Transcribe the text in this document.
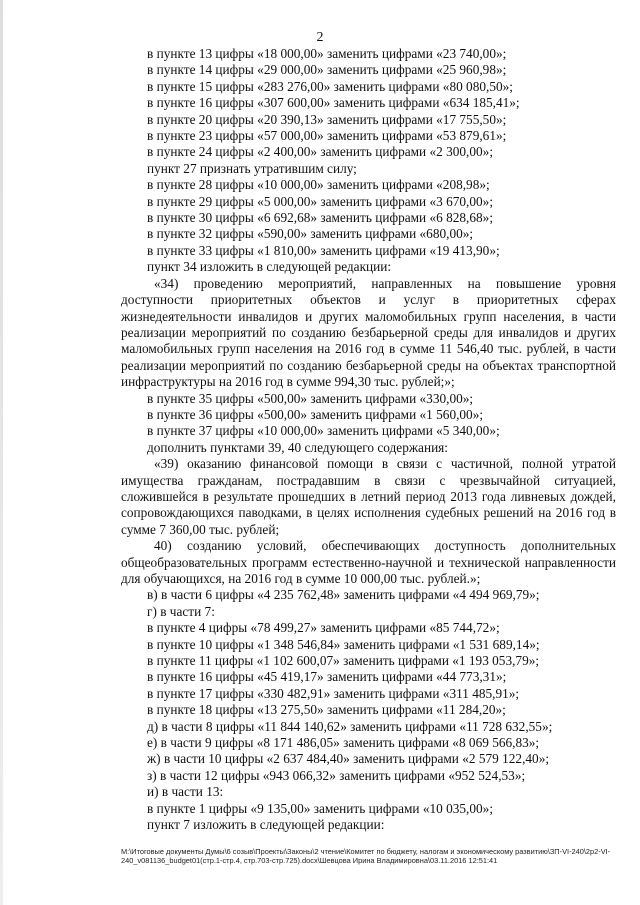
2

в пункте 13 цифры «18 000,00» заменить цифрами «23 740,00»;

в пункте 14 цифры «29 000,00» заменить цифрами «25 960,98»;

в пункте 15 цифры «283 276,00» заменить цифрами «80 080,50»;

в пункте 16 цифры «307 600,00» заменить цифрами «634 185,41»;

в пункте 20 цифры «20 390,13» заменить цифрами «17 755,50»;

в пункте 23 цифры «57 000,00» заменить цифрами «53 879,61»;

в пункте 24 цифры «2 400,00» заменить цифрами «2 300,00»;

пункт 27 признать утратившим силу;

в пункте 28 цифры «10 000,00» заменить цифрами «208,98»;

в пункте 29 цифры «5 000,00» заменить цифрами «3 670,00»;

в пункте 30 цифры «6 692,68» заменить цифрами «6 828,68»;

в пункте 32 цифры «590,00» заменить цифрами «680,00»;

в пункте 33 цифры «1 810,00» заменить цифрами «19 413,90»;

пункт 34 изложить в следующей редакции:

«34) проведению мероприятий, направленных на повышение уровня доступности приоритетных объектов и услуг в приоритетных сферах жизнедеятельности инвалидов и других маломобильных групп населения, в части реализации мероприятий по созданию безбарьерной среды для инвалидов и других маломобильных групп населения на 2016 год в сумме 11 546,40 тыс. рублей, в части реализации мероприятий по созданию безбарьерной среды на объектах транспортной инфраструктуры на 2016 год в сумме 994,30 тыс. рублей;»;

в пункте 35 цифры «500,00» заменить цифрами «330,00»;

в пункте 36 цифры «500,00» заменить цифрами «1 560,00»;

в пункте 37 цифры «10 000,00» заменить цифрами «5 340,00»;

дополнить пунктами 39, 40 следующего содержания:

«39) оказанию финансовой помощи в связи с частичной, полной утратой имущества гражданам, пострадавшим в связи с чрезвычайной ситуацией, сложившейся в результате прошедших в летний период 2013 года ливневых дождей, сопровождающихся паводками, в целях исполнения судебных решений на 2016 год в сумме 7 360,00 тыс. рублей;

40) созданию условий, обеспечивающих доступность дополнительных общеобразовательных программ естественно-научной и технической направленности для обучающихся, на 2016 год в сумме 10 000,00 тыс. рублей.»;

в) в части 6 цифры «4 235 762,48» заменить цифрами «4 494 969,79»;

г) в части 7:

в пункте 4 цифры «78 499,27» заменить цифрами «85 744,72»;

в пункте 10 цифры «1 348 546,84» заменить цифрами «1 531 689,14»;

в пункте 11 цифры «1 102 600,07» заменить цифрами «1 193 053,79»;

в пункте 16 цифры «45 419,17» заменить цифрами «44 773,31»;

в пункте 17 цифры «330 482,91» заменить цифрами «311 485,91»;

в пункте 18 цифры «13 275,50» заменить цифрами «11 284,20»;

д) в части 8 цифры «11 844 140,62» заменить цифрами «11 728 632,55»;

е) в части 9 цифры «8 171 486,05» заменить цифрами «8 069 566,83»;

ж) в части 10 цифры «2 637 484,40» заменить цифрами «2 579 122,40»;

з) в части 12 цифры «943 066,32» заменить цифрами «952 524,53»;

и) в части 13:

в пункте 1 цифры «9 135,00» заменить цифрами «10 035,00»;

пункт 7 изложить в следующей редакции:

М:\Итоговые документы Думы\6 созыв\Проекты\Законы\2 чтение\Комитет по бюджету, налогам и экономическому развитию\ЗП-VI-240\2р2-VI-240_v081136_budget01(стр.1-стр.4, стр.703-стр.725).docx\Шевцова Ирина Владимировна\03.11.2016 12:51:41
